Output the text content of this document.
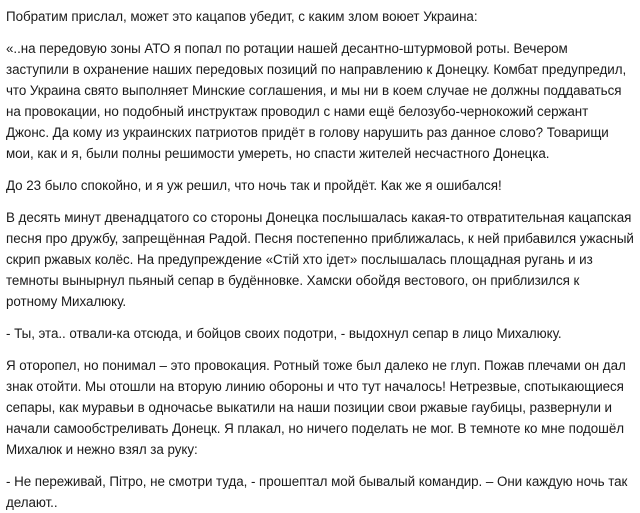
Побратим прислал, может это кацапов убедит, с каким злом воюет Украина:

«..на передовую зоны АТО я попал по ротации нашей десантно-штурмовой роты. Вечером заступили в охранение наших передовых позиций по направлению к Донецку. Комбат предупредил, что Украина свято выполняет Минские соглашения, и мы ни в коем случае не должны поддаваться на провокации, но подобный инструктаж проводил с нами ещё белозубо-чернокожий сержант Джонс. Да кому из украинских патриотов придёт в голову нарушить раз данное слово? Товарищи мои, как и я, были полны решимости умереть, но спасти жителей несчастного Донецка.

До 23 было спокойно, и я уж решил, что ночь так и пройдёт. Как же я ошибался!

В десять минут двенадцатого со стороны Донецка послышалась какая-то отвратительная кацапская песня про дружбу, запрещённая Радой. Песня постепенно приближалась, к ней прибавился ужасный скрип ржавых колёс. На предупреждение «Стій хто ідет» послышалась площадная ругань и из темноты вынырнул пьяный сепар в будённовке. Хамски обойдя вестового, он приблизился к ротному Михалюку.

- Ты, эта.. отвали-ка отсюда, и бойцов своих подотри, - выдохнул сепар в лицо Михалюку.

Я оторопел, но понимал – это провокация. Ротный тоже был далеко не глуп. Пожав плечами он дал знак отойти. Мы отошли на вторую линию обороны и что тут началось! Нетрезвые, спотыкающиеся сепары, как муравьи в одночасье выкатили на наши позиции свои ржавые гаубицы, развернули и начали самообстреливать Донецк. Я плакал, но ничего поделать не мог. В темноте ко мне подошёл Михалюк и нежно взял за руку:

- Не переживай, Пітро, не смотри туда, - прошептал мой бывалый командир. – Они каждую ночь так делают..
